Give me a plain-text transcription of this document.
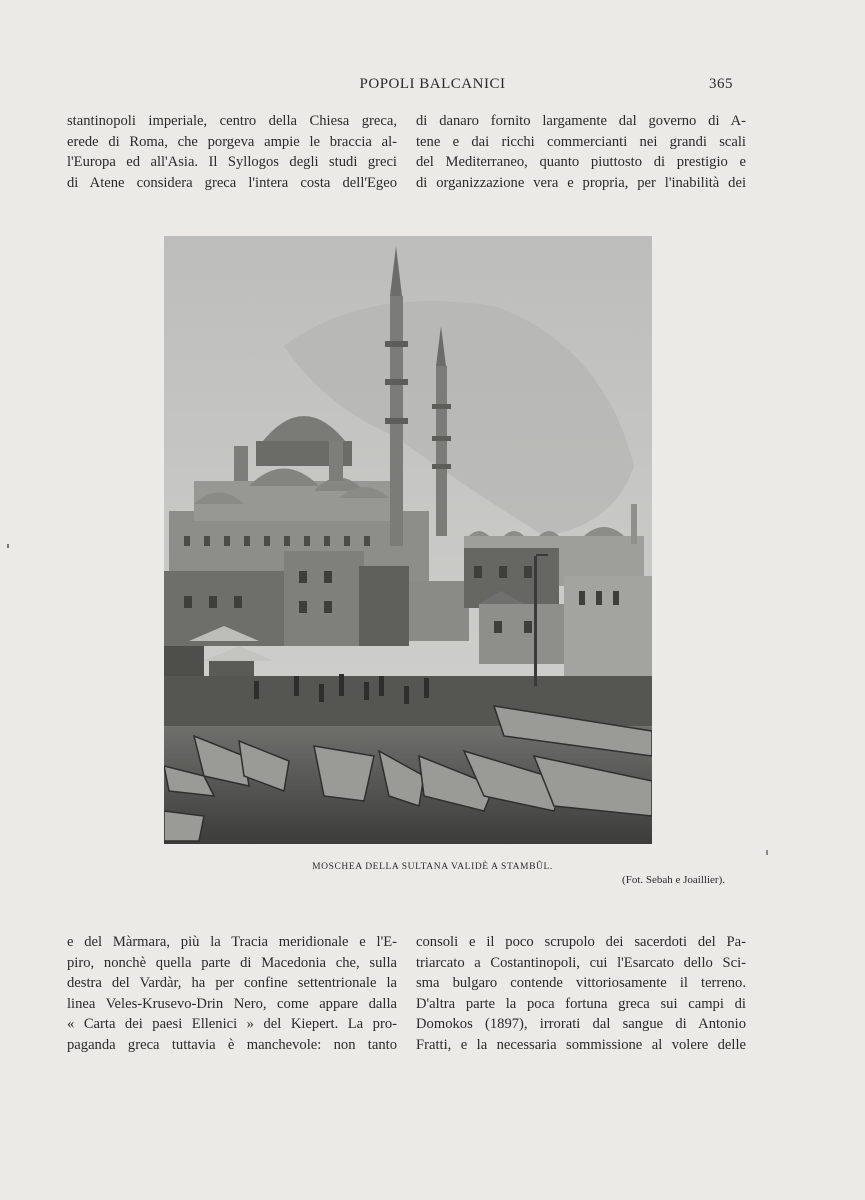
POPOLI BALCANICI	365
stantinopoli imperiale, centro della Chiesa greca,
erede di Roma, che porgeva ampie le braccia al-
l'Europa ed all'Asia. Il Syllogos degli studi greci
di Atene considera greca l'intera costa dell'Egeo
di danaro fornito largamente dal governo di A-
tene e dai ricchi commercianti nei grandi scali
del Mediterraneo, quanto piuttosto di prestigio e
di organizzazione vera e propria, per l'inabilità dei
MOSCHEA DELLA SULTANA VALIDÈ A STAMBÛL.
(Fot. Sebah e Joaillier).
e del Màrmara, più la Tracia meridionale e l'E-
piro, nonchè quella parte di Macedonia che, sulla
destra del Vardàr, ha per confine settentrionale la
linea Veles-Krusevo-Drin Nero, come appare dalla
« Carta dei paesi Ellenici » del Kiepert. La pro-
paganda greca tuttavia è manchevole: non tanto
consoli e il poco scrupolo dei sacerdoti del Pa-
triarcato a Costantinopoli, cui l'Esarcato dello Sci-
sma bulgaro contende vittoriosamente il terreno.
D'altra parte la poca fortuna greca sui campi di
Domokos (1897), irrorati dal sangue di Antonio
Fratti, e la necessaria sommissione al volere delle
